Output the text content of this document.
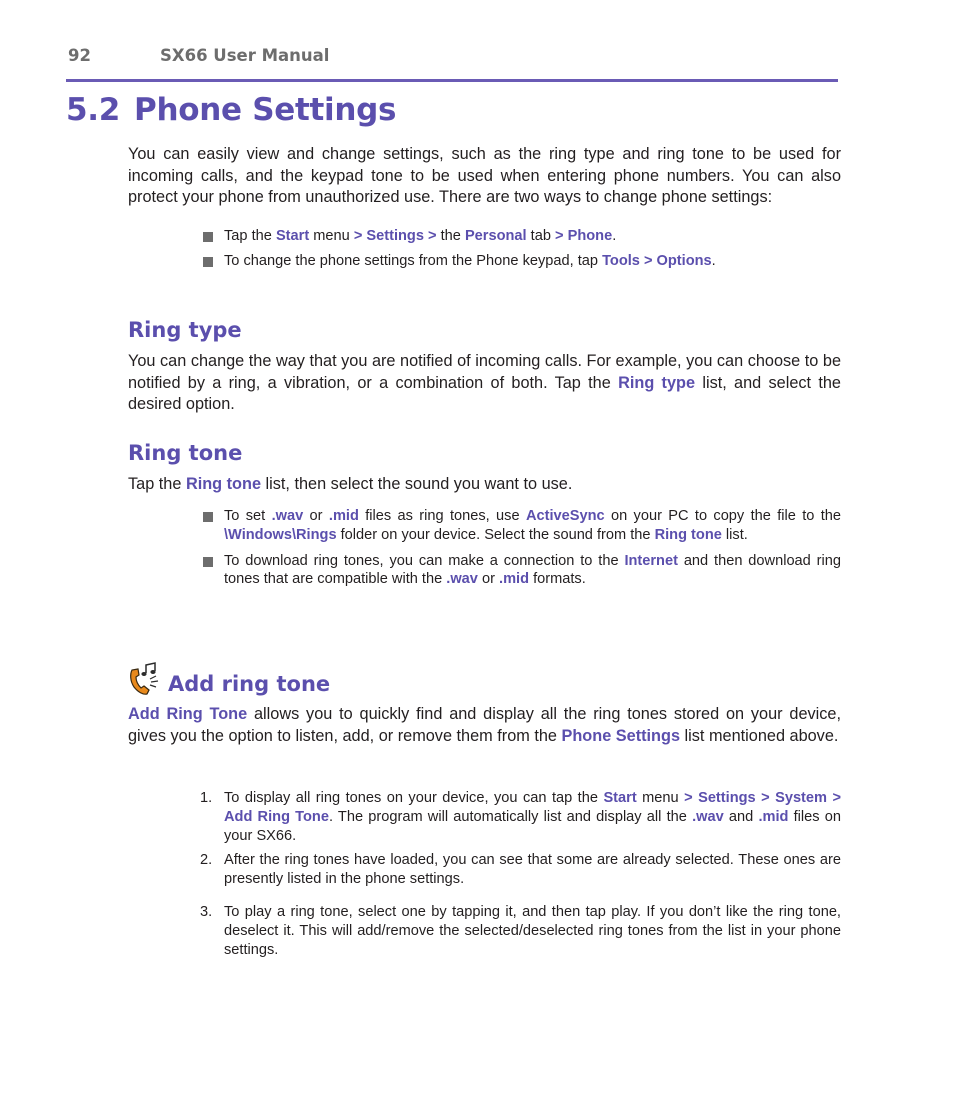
92	SX66 User Manual
5.2 Phone Settings

You can easily view and change settings, such as the ring type and ring tone to be used for incoming calls, and the keypad tone to be used when entering phone numbers. You can also protect your phone from unauthorized use. There are two ways to change phone settings:

Tap the Start menu > Settings > the Personal tab > Phone.
To change the phone settings from the Phone keypad, tap Tools > Options.
Ring type

You can change the way that you are notified of incoming calls. For example, you can choose to be notified by a ring, a vibration, or a combination of both. Tap the Ring type list, and select the desired option.

Ring tone

Tap the Ring tone list, then select the sound you want to use.

To set .wav or .mid files as ring tones, use ActiveSync on your PC to copy the file to the \Windows\Rings folder on your device. Select the sound from the Ring tone list.
To download ring tones, you can make a connection to the Internet and then download ring tones that are compatible with the .wav or .mid formats.
Add ring tone

Add Ring Tone allows you to quickly find and display all the ring tones stored on your device, gives you the option to listen, add, or remove them from the Phone Settings list mentioned above.

1. To display all ring tones on your device, you can tap the Start menu > Settings > System > Add Ring Tone. The program will automatically list and display all the .wav and .mid files on your SX66.
2. After the ring tones have loaded, you can see that some are already selected. These ones are presently listed in the phone settings.
3. To play a ring tone, select one by tapping it, and then tap play. If you don’t like the ring tone, deselect it. This will add/remove the selected/deselected ring tones from the list in your phone settings.
